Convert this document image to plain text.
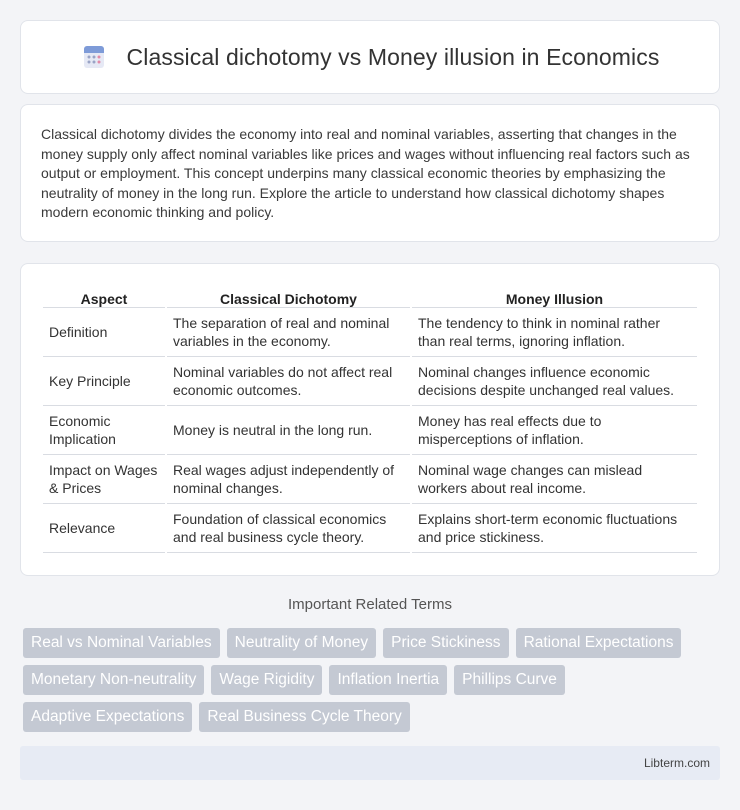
Classical dichotomy vs Money illusion in Economics

Classical dichotomy divides the economy into real and nominal variables, asserting that changes in the money supply only affect nominal variables like prices and wages without influencing real factors such as output or employment. This concept underpins many classical economic theories by emphasizing the neutrality of money in the long run. Explore the article to understand how classical dichotomy shapes modern economic thinking and policy.

Aspect	Classical Dichotomy	Money Illusion
Definition	The separation of real and nominal variables in the economy.	The tendency to think in nominal rather than real terms, ignoring inflation.
Key Principle	Nominal variables do not affect real economic outcomes.	Nominal changes influence economic decisions despite unchanged real values.
Economic Implication	Money is neutral in the long run.	Money has real effects due to misperceptions of inflation.
Impact on Wages & Prices	Real wages adjust independently of nominal changes.	Nominal wage changes can mislead workers about real income.
Relevance	Foundation of classical economics and real business cycle theory.	Explains short-term economic fluctuations and price stickiness.
Important Related Terms
Real vs Nominal Variables	Neutrality of Money	Price Stickiness	Rational Expectations
Monetary Non-neutrality	Wage Rigidity	Inflation Inertia	Phillips Curve
Adaptive Expectations	Real Business Cycle Theory
Libterm.com
